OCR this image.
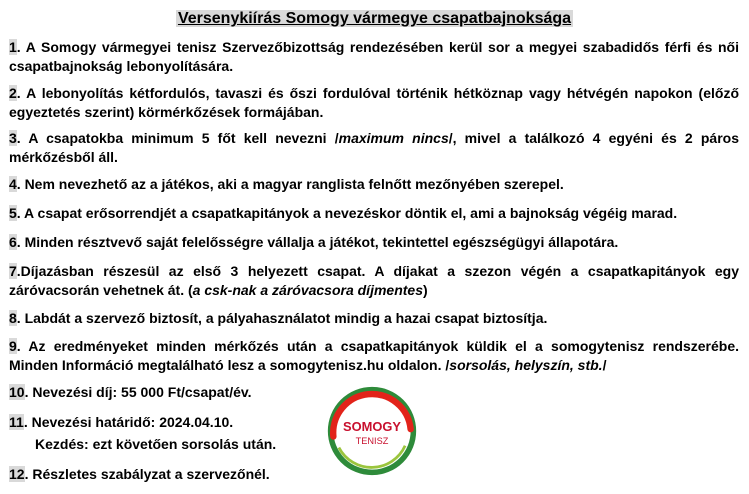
Versenykiírás Somogy vármegye csapatbajnoksága
1. A Somogy vármegyei tenisz Szervezőbizottság rendezésében kerül sor a megyei szabadidős férfi és női csapatbajnokság lebonyolítására.
2. A lebonyolítás kétfordulós, tavaszi és őszi fordulóval történik hétköznap vagy hétvégén napokon (előző egyeztetés szerint) körmérkőzések formájában.
3. A csapatokba minimum 5 főt kell nevezni /maximum nincs/, mivel a találkozó 4 egyéni és 2 páros mérkőzésből áll.
4. Nem nevezhető az a játékos, aki a magyar ranglista felnőtt mezőnyében szerepel.
5. A csapat erősorrendjét a csapatkapitányok a nevezéskor döntik el, ami a bajnokság végéig marad.
6. Minden résztvevő saját felelősségre vállalja a játékot, tekintettel egészségügyi állapotára.
7.Díjazásban részesül az első 3 helyezett csapat. A díjakat a szezon végén a csapatkapitányok egy záróvacsorán vehetnek át. (a csk-nak a záróvacsora díjmentes)
8. Labdát a szervező biztosít, a pályahasználatot mindig a hazai csapat biztosítja.
9. Az eredményeket minden mérkőzés után a csapatkapitányok küldik el a somogytenisz rendszerébe. Minden Információ megtalálható lesz a somogytenisz.hu oldalon. /sorsolás, helyszín, stb./
10. Nevezési díj: 55 000 Ft/csapat/év.
11. Nevezési határidő: 2024.04.10.
Kezdés: ezt követően sorsolás után.
12. Részletes szabályzat a szervezőnél.
SOMOGY
TENISZ
